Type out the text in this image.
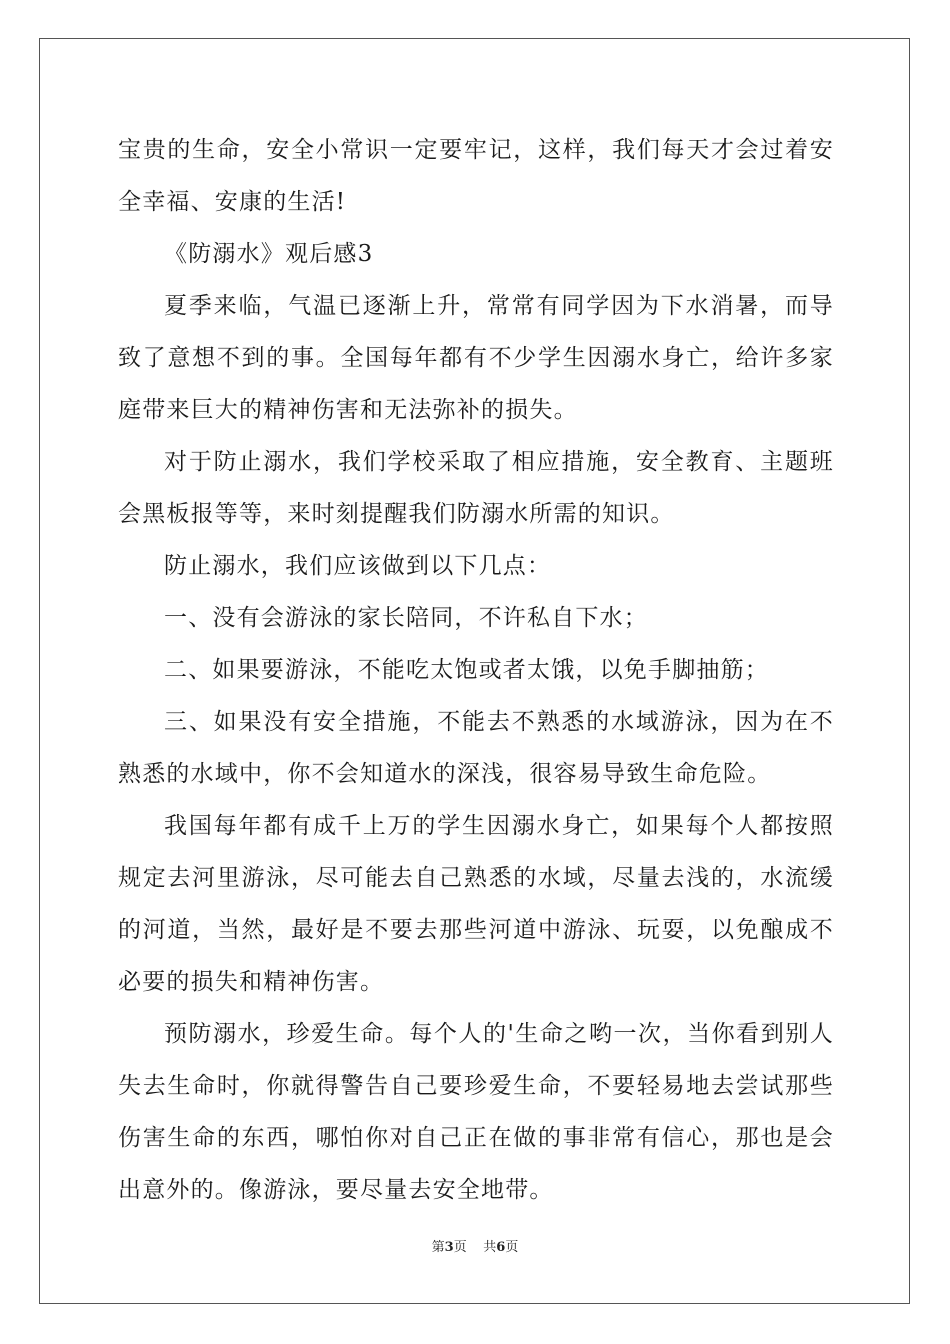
宝贵的生命，安全小常识一定要牢记，这样，我们每天才会过着安全幸福、安康的生活!

《防溺水》观后感3

夏季来临，气温已逐渐上升，常常有同学因为下水消暑，而导致了意想不到的事。全国每年都有不少学生因溺水身亡，给许多家庭带来巨大的精神伤害和无法弥补的损失。

对于防止溺水，我们学校采取了相应措施，安全教育、主题班会黑板报等等，来时刻提醒我们防溺水所需的知识。

防止溺水，我们应该做到以下几点：

一、没有会游泳的家长陪同，不许私自下水；

二、如果要游泳，不能吃太饱或者太饿，以免手脚抽筋；

三、如果没有安全措施，不能去不熟悉的水域游泳，因为在不熟悉的水域中，你不会知道水的深浅，很容易导致生命危险。

我国每年都有成千上万的学生因溺水身亡，如果每个人都按照规定去河里游泳，尽可能去自己熟悉的水域，尽量去浅的，水流缓的河道，当然，最好是不要去那些河道中游泳、玩耍，以免酿成不必要的损失和精神伤害。

预防溺水，珍爱生命。每个人的'生命之哟一次，当你看到别人失去生命时，你就得警告自己要珍爱生命，不要轻易地去尝试那些伤害生命的东西，哪怕你对自己正在做的事非常有信心，那也是会出意外的。像游泳，要尽量去安全地带。

第3页 共6页
